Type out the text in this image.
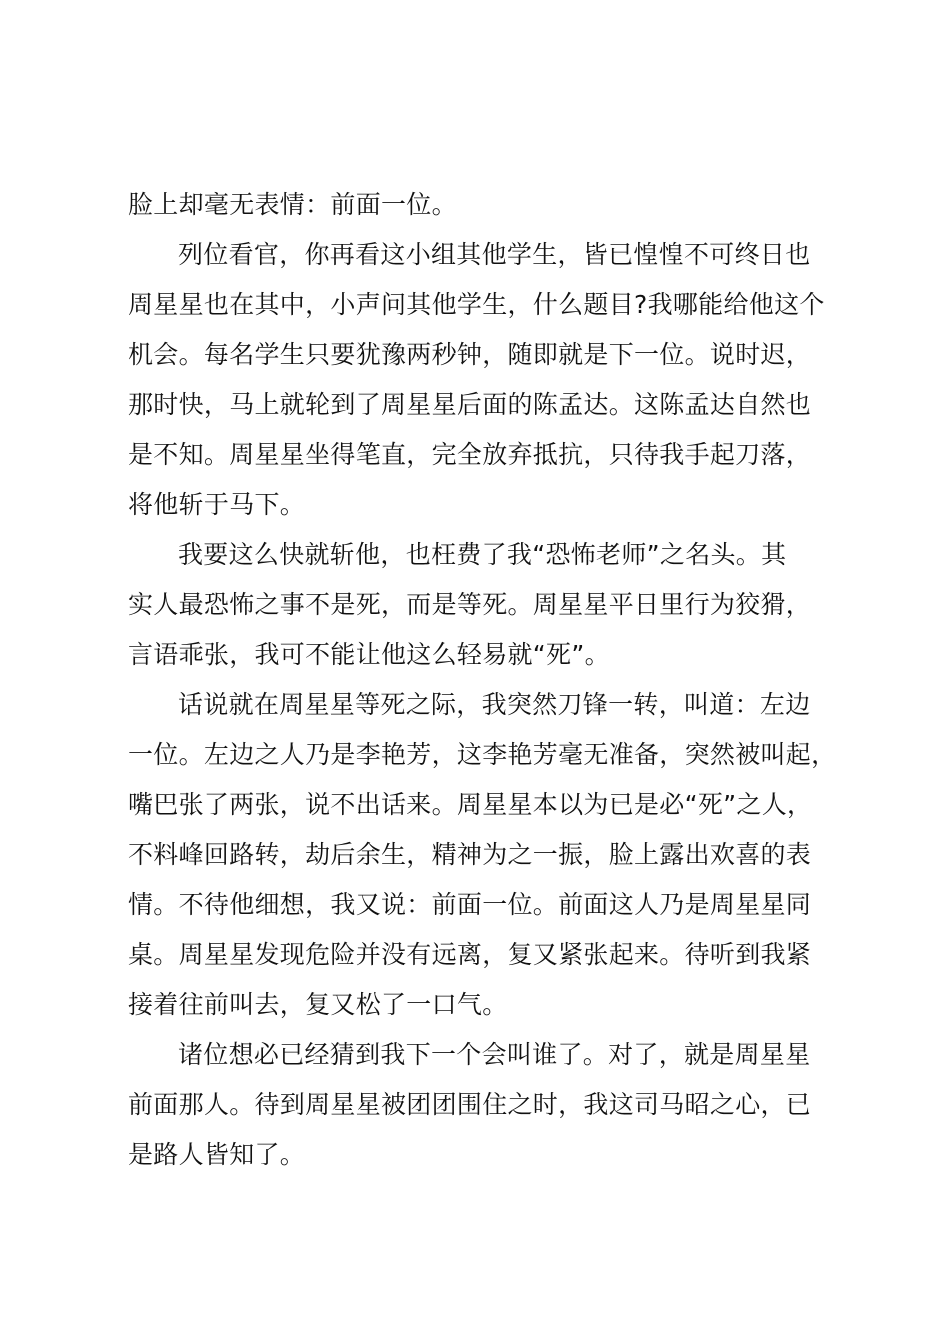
脸上却毫无表情：前面一位。

列位看官，你再看这小组其他学生，皆已惶惶不可终日也
周星星也在其中，小声问其他学生，什么题目?我哪能给他这个
机会。每名学生只要犹豫两秒钟，随即就是下一位。说时迟，
那时快，马上就轮到了周星星后面的陈孟达。这陈孟达自然也
是不知。周星星坐得笔直，完全放弃抵抗，只待我手起刀落，
将他斩于马下。

我要这么快就斩他，也枉费了我“恐怖老师”之名头。其
实人最恐怖之事不是死，而是等死。周星星平日里行为狡猾，
言语乖张，我可不能让他这么轻易就“死”。

话说就在周星星等死之际，我突然刀锋一转，叫道：左边
一位。左边之人乃是李艳芳，这李艳芳毫无准备，突然被叫起，
嘴巴张了两张，说不出话来。周星星本以为已是必“死”之人，
不料峰回路转，劫后余生，精神为之一振，脸上露出欢喜的表
情。不待他细想，我又说：前面一位。前面这人乃是周星星同
桌。周星星发现危险并没有远离，复又紧张起来。待听到我紧
接着往前叫去，复又松了一口气。

诸位想必已经猜到我下一个会叫谁了。对了，就是周星星
前面那人。待到周星星被团团围住之时，我这司马昭之心，已
是路人皆知了。
